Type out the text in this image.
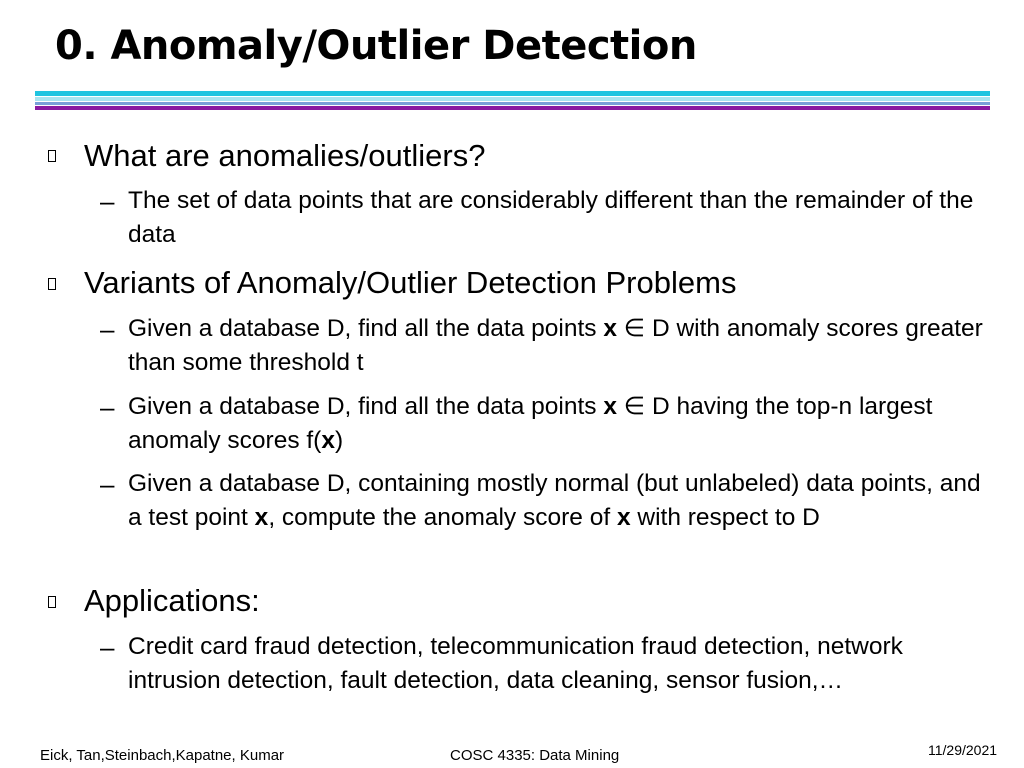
0. Anomaly/Outlier Detection
What are anomalies/outliers?
– The set of data points that are considerably different than the remainder of the data
Variants of Anomaly/Outlier Detection Problems
– Given a database D, find all the data points x ∈ D with anomaly scores greater than some threshold t
– Given a database D, find all the data points x ∈ D having the top-n largest anomaly scores f(x)
– Given a database D, containing mostly normal (but unlabeled) data points, and a test point x, compute the anomaly score of x with respect to D
Applications:
– Credit card fraud detection, telecommunication fraud detection, network intrusion detection, fault detection, data cleaning, sensor fusion,…
Eick, Tan,Steinbach,Kapatne, Kumar	COSC 4335: Data Mining	11/29/2021
